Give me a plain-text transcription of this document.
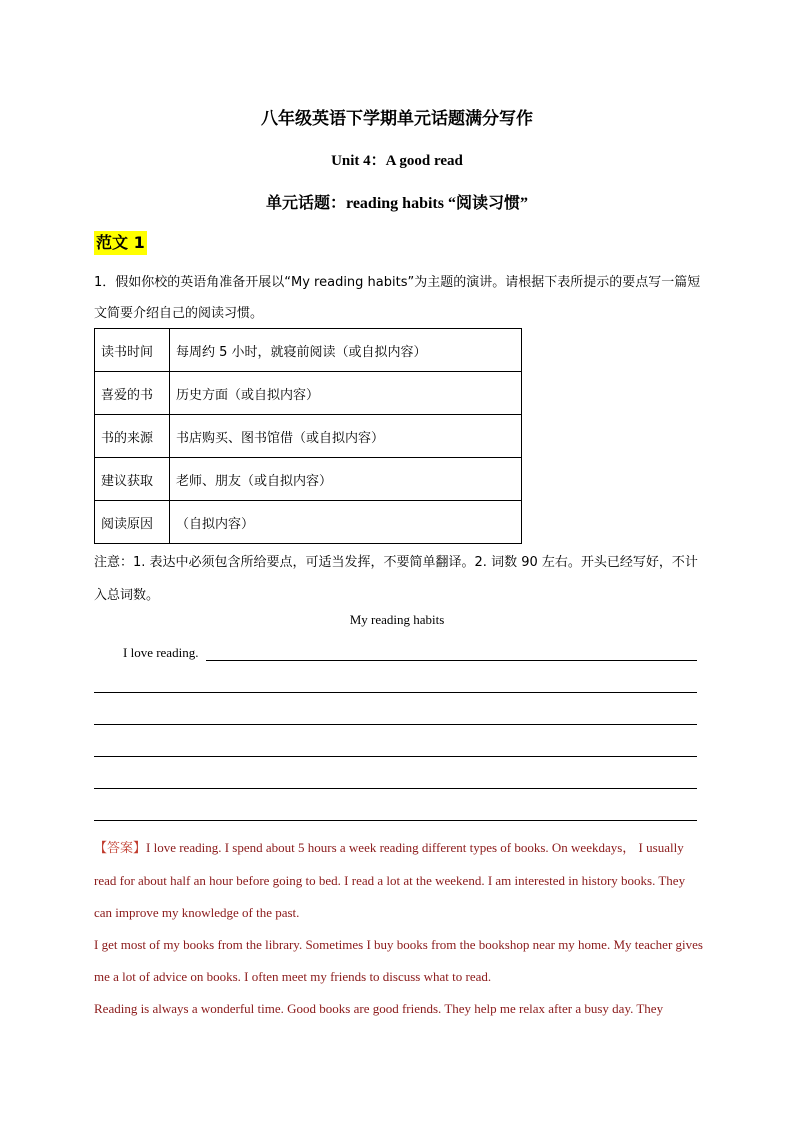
八年级英语下学期单元话题满分写作
Unit 4：A good read
单元话题：reading habits “阅读习惯”
范文 1
1．假如你校的英语角准备开展以“My reading habits”为主题的演讲。请根据下表所提示的要点写一篇短文简要介绍自己的阅读习惯。
读书时间	每周约 5 小时，就寝前阅读（或自拟内容）
喜爱的书	历史方面（或自拟内容）
书的来源	书店购买、图书馆借（或自拟内容）
建议获取	老师、朋友（或自拟内容）
阅读原因	（自拟内容）
注意：1. 表达中必须包含所给要点，可适当发挥，不要简单翻译。2. 词数 90 左右。开头已经写好，不计入总词数。
My reading habits
I love reading.

【答案】I love reading. I spend about 5 hours a week reading different types of books. On weekdays， I usually read for about half an hour before going to bed. I read a lot at the weekend. I am interested in history books. They can improve my knowledge of the past.

I get most of my books from the library. Sometimes I buy books from the bookshop near my home. My teacher gives me a lot of advice on books. I often meet my friends to discuss what to read.

Reading is always a wonderful time. Good books are good friends. They help me relax after a busy day. They
